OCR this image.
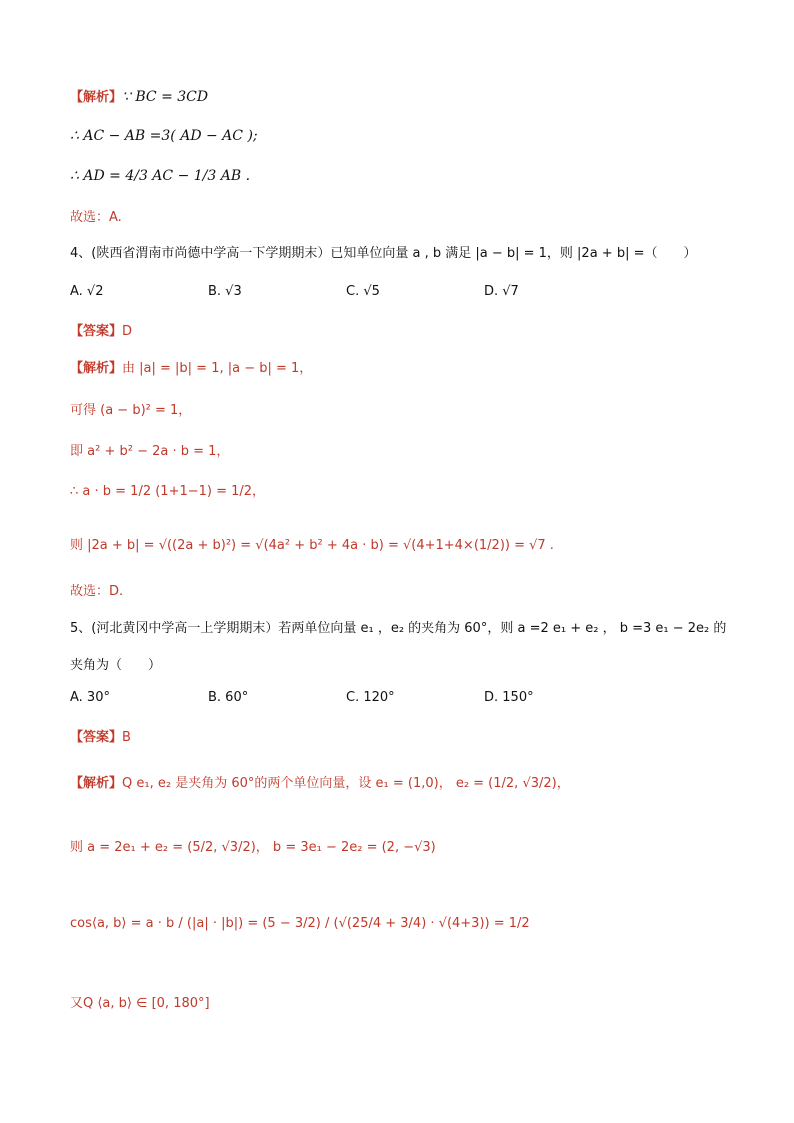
【解析】∵ BC = 3CD
∴ AC − AB =3( AD − AC );
∴ AD = 4/3 AC − 1/3 AB .
故选：A.
4、(陕西省渭南市尚德中学高一下学期期末）已知单位向量 a , b 满足 |a − b| = 1，则 |2a + b| =（　　）
A. √2	B. √3	C. √5	D. √7
【答案】D
【解析】由 |a| = |b| = 1, |a − b| = 1，
可得 (a − b)² = 1，
即 a² + b² − 2a · b = 1，
∴ a · b = 1/2 (1+1−1) = 1/2，
则 |2a + b| = √((2a + b)²) = √(4a² + b² + 4a · b) = √(4+1+4×(1/2)) = √7 .
故选：D.
5、(河北黄冈中学高一上学期期末）若两单位向量 e₁ ，e₂ 的夹角为 60°，则 a =2 e₁ + e₂ ， b =3 e₁ − 2e₂ 的
夹角为（　　）
A. 30°	B. 60°	C. 120°	D. 150°
【答案】B
【解析】Q e₁, e₂ 是夹角为 60°的两个单位向量，设 e₁ = (1,0)， e₂ = (1/2, √3/2)，
则 a = 2e₁ + e₂ = (5/2, √3/2)， b = 3e₁ − 2e₂ = (2, −√3)
cos⟨a, b⟩ = a · b / (|a| · |b|) = (5 − 3/2) / (√(25/4 + 3/4) · √(4+3)) = 1/2
又Q ⟨a, b⟩ ∈ [0, 180°]
